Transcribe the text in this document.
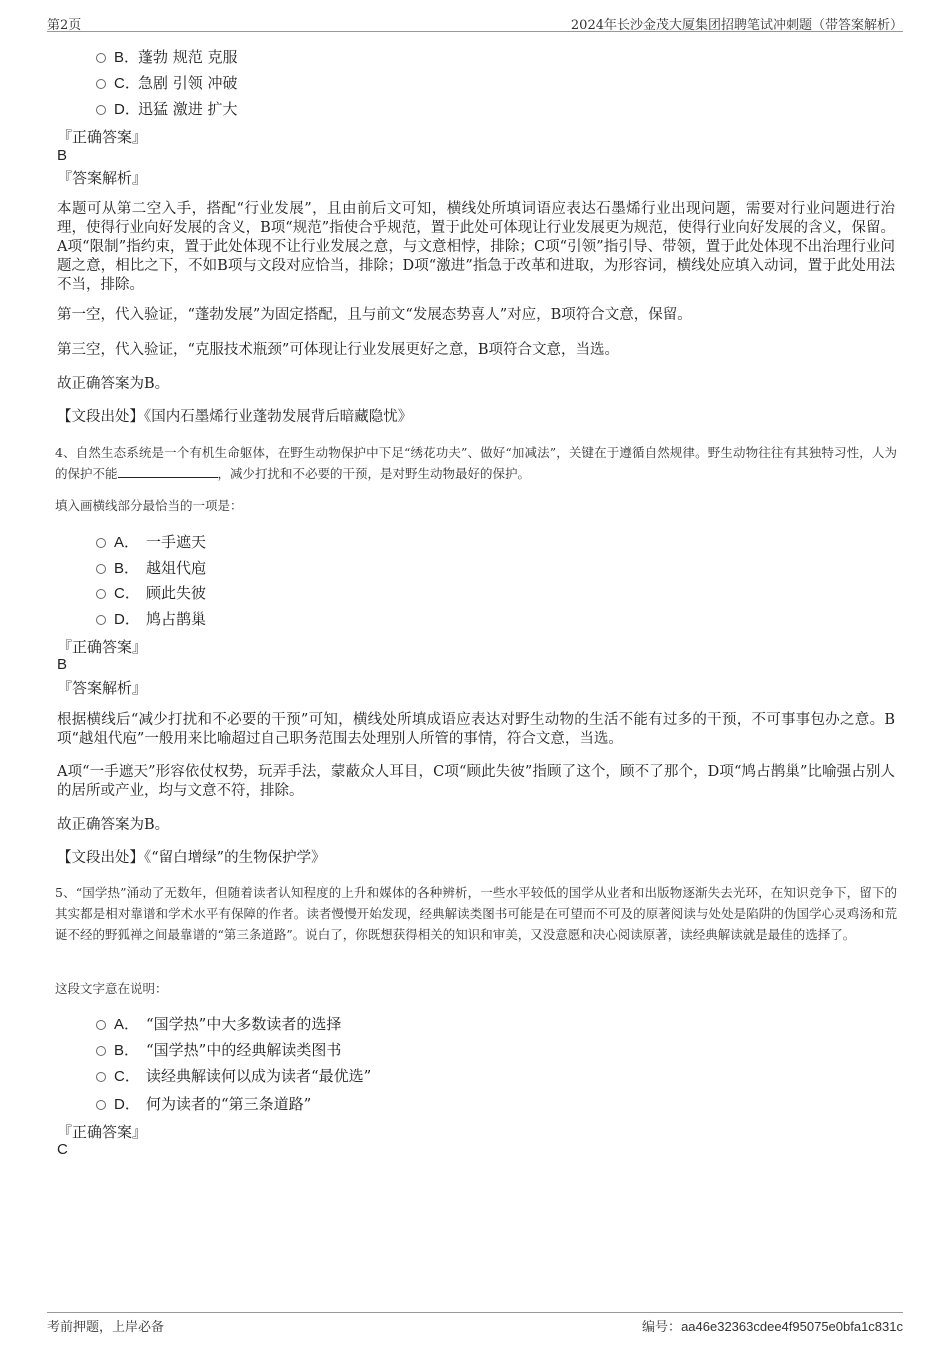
第2页	2024年长沙金茂大厦集团招聘笔试冲刺题（带答案解析）
B．
蓬勃 规范 克服
C．
急剧 引领 冲破
D．
迅猛 激进 扩大
『正确答案』
B
『答案解析』
本题可从第二空入手，搭配“行业发展”，且由前后文可知，横线处所填词语应表达石墨烯行业出现问题，需要对行业问题进行治理，使得行业向好发展的含义，B项“规范”指使合乎规范，置于此处可体现让行业发展更为规范，使得行业向好发展的含义，保留。A项“限制”指约束，置于此处体现不让行业发展之意，与文意相悖，排除；C项“引领”指引导、带领，置于此处体现不出治理行业问题之意，相比之下，不如B项与文段对应恰当，排除；D项“激进”指急于改革和进取，为形容词，横线处应填入动词，置于此处用法不当，排除。
第一空，代入验证，“蓬勃发展”为固定搭配，且与前文“发展态势喜人”对应，B项符合文意，保留。
第三空，代入验证，“克服技术瓶颈”可体现让行业发展更好之意，B项符合文意，当选。
故正确答案为B。
【文段出处】《国内石墨烯行业蓬勃发展背后暗藏隐忧》
4、自然生态系统是一个有机生命躯体，在野生动物保护中下足“绣花功夫”、做好“加减法”，关键在于遵循自然规律。野生动物往往有其独特习性，人为的保护不能	，减少打扰和不必要的干预，是对野生动物最好的保护。
填入画横线部分最恰当的一项是：
A． 一手遮天
B． 越俎代庖
C． 顾此失彼
D． 鸠占鹊巢
『正确答案』
B
『答案解析』
根据横线后“减少打扰和不必要的干预”可知，横线处所填成语应表达对野生动物的生活不能有过多的干预，不可事事包办之意。B项“越俎代庖”一般用来比喻超过自己职务范围去处理别人所管的事情，符合文意，当选。
A项“一手遮天”形容依仗权势，玩弄手法，蒙蔽众人耳目，C项“顾此失彼”指顾了这个，顾不了那个，D项“鸠占鹊巢”比喻强占别人的居所或产业，均与文意不符，排除。
故正确答案为B。
【文段出处】《“留白增绿”的生物保护学》
5、“国学热”涌动了无数年，但随着读者认知程度的上升和媒体的各种辨析，一些水平较低的国学从业者和出版物逐渐失去光环，在知识竞争下，留下的其实都是相对靠谱和学术水平有保障的作者。读者慢慢开始发现，经典解读类图书可能是在可望而不可及的原著阅读与处处是陷阱的伪国学心灵鸡汤和荒诞不经的野狐禅之间最靠谱的“第三条道路”。说白了，你既想获得相关的知识和审美，又没意愿和决心阅读原著，读经典解读就是最佳的选择了。
这段文字意在说明：
A． “国学热”中大多数读者的选择
B． “国学热”中的经典解读类图书
C． 读经典解读何以成为读者“最优选”
D． 何为读者的“第三条道路”
『正确答案』
C
考前押题，上岸必备	编号：aa46e32363cdee4f95075e0bfa1c831c
